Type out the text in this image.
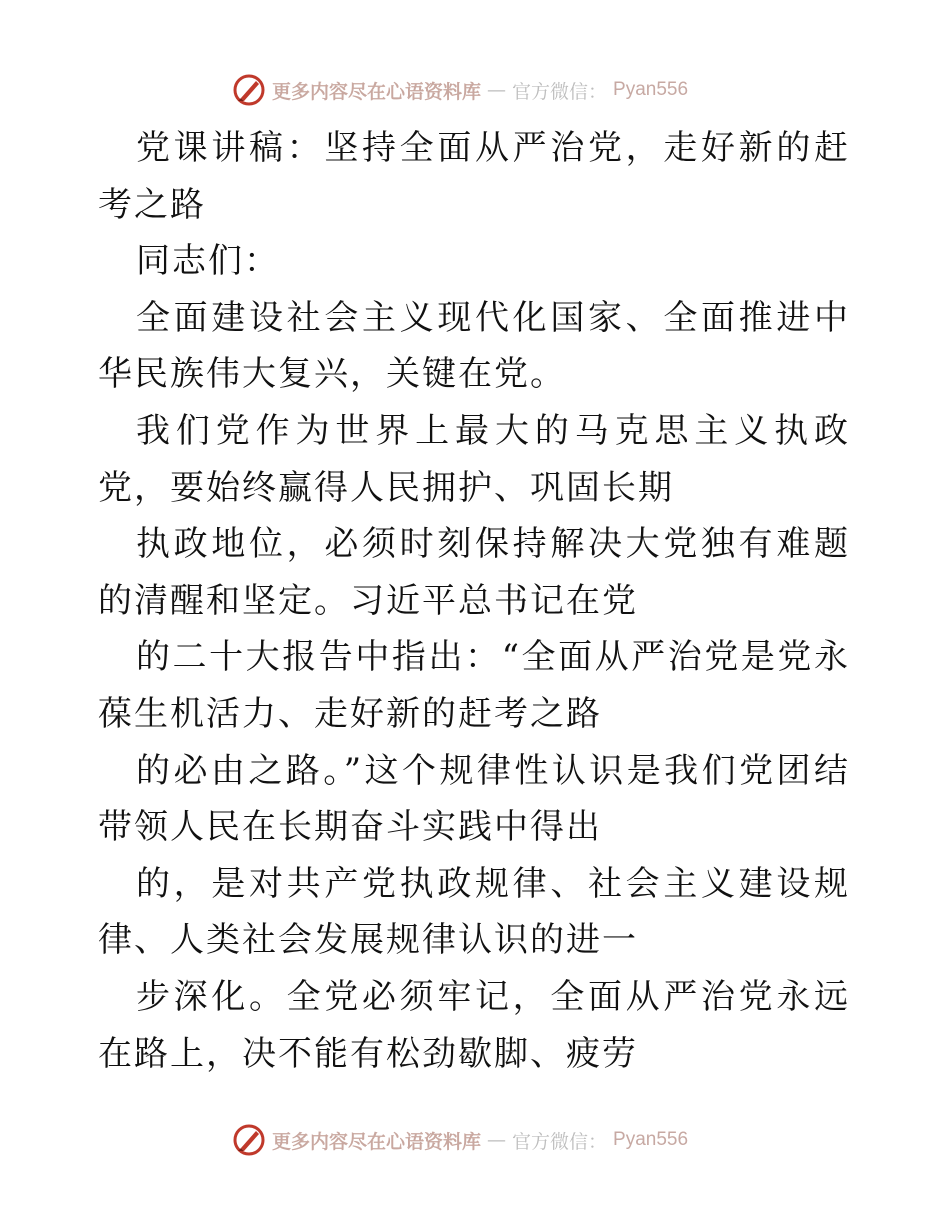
更多内容尽在心语资料库 — 官方微信： Pyan556

党课讲稿：坚持全面从严治党，走好新的赶考之路

同志们：

全面建设社会主义现代化国家、全面推进中华民族伟大复兴，关键在党。

我们党作为世界上最大的马克思主义执政党，要始终赢得人民拥护、巩固长期

执政地位，必须时刻保持解决大党独有难题的清醒和坚定。习近平总书记在党

的二十大报告中指出：“全面从严治党是党永葆生机活力、走好新的赶考之路

的必由之路。”这个规律性认识是我们党团结带领人民在长期奋斗实践中得出

的，是对共产党执政规律、社会主义建设规律、人类社会发展规律认识的进一

步深化。全党必须牢记，全面从严治党永远在路上，决不能有松劲歇脚、疲劳

更多内容尽在心语资料库 — 官方微信： Pyan556
